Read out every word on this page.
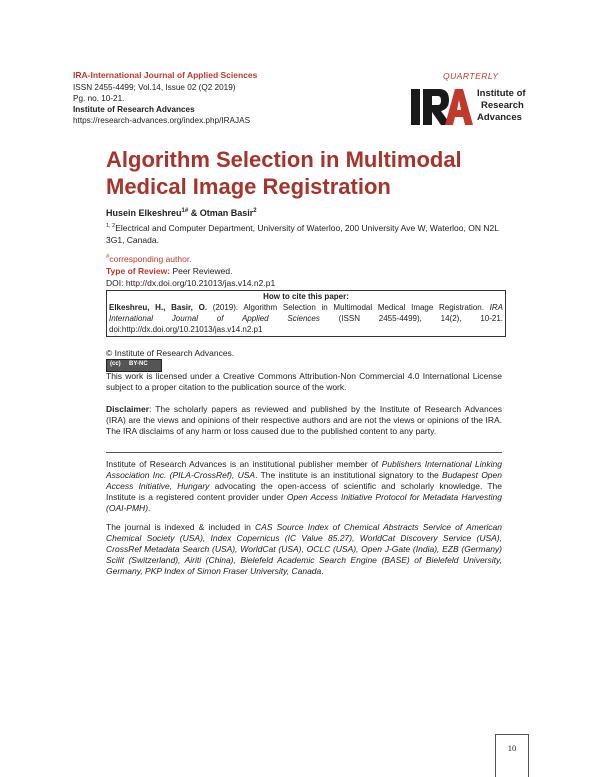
IRA-International Journal of Applied Sciences
ISSN 2455-4499; Vol.14, Issue 02 (Q2 2019)
Pg. no. 10-21.
Institute of Research Advances
https://research-advances.org/index.php/IRAJAS
QUARTERLY
Institute of
Research
Advances
Algorithm Selection in Multimodal Medical Image Registration
Husein Elkeshreu$^{1\#}$ & Otman Basir$^2$
$^{1, 2}$Electrical and Computer Department, University of Waterloo, 200 University Ave W, Waterloo, ON N2L 3G1, Canada.
#corresponding author.
Type of Review: Peer Reviewed.
DOI: http://dx.doi.org/10.21013/jas.v14.n2.p1
How to cite this paper:
Elkeshreu, H., Basir, O. (2019). Algorithm Selection in Multimodal Medical Image Registration. IRA International Journal of Applied Sciences (ISSN 2455-4499), 14(2), 10-21. doi:http://dx.doi.org/10.21013/jas.v14.n2.p1
© Institute of Research Advances.
(cc) BY-NC
This work is licensed under a Creative Commons Attribution-Non Commercial 4.0 International License subject to a proper citation to the publication source of the work.
Disclaimer: The scholarly papers as reviewed and published by the Institute of Research Advances (IRA) are the views and opinions of their respective authors and are not the views or opinions of the IRA. The IRA disclaims of any harm or loss caused due to the published content to any party.
Institute of Research Advances is an institutional publisher member of Publishers International Linking Association Inc. (PILA-CrossRef), USA. The institute is an institutional signatory to the Budapest Open Access Initiative, Hungary advocating the open-access of scientific and scholarly knowledge. The Institute is a registered content provider under Open Access Initiative Protocol for Metadata Harvesting (OAI-PMH).
The journal is indexed & included in CAS Source Index of Chemical Abstracts Service of American Chemical Society (USA), Index Copernicus (IC Value 85.27), WorldCat Discovery Service (USA), CrossRef Metadata Search (USA), WorldCat (USA), OCLC (USA), Open J-Gate (India), EZB (Germany) Scilit (Switzerland), Airiti (China), Bielefeld Academic Search Engine (BASE) of Bielefeld University, Germany, PKP Index of Simon Fraser University, Canada.
10
